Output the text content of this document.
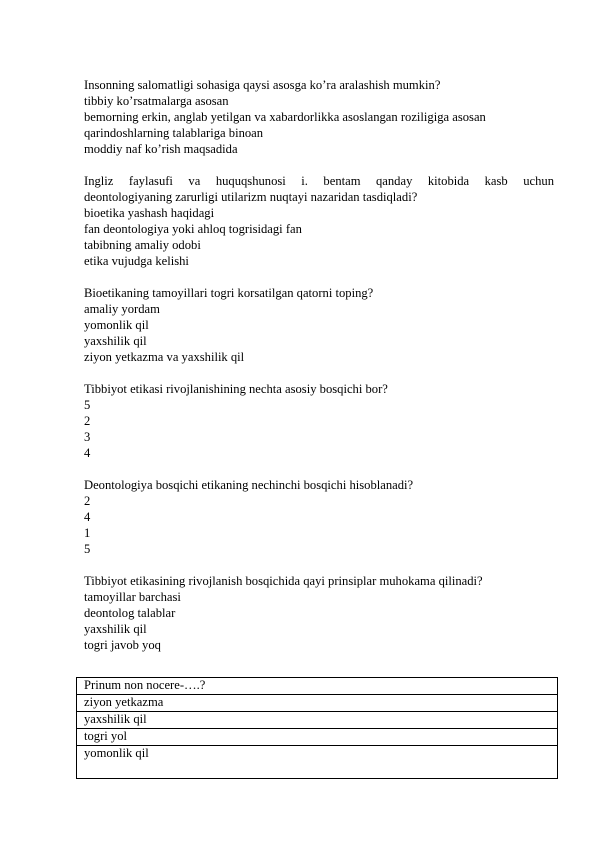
Insonning salomatligi sohasiga qaysi asosga ko’ra aralashish mumkin?
tibbiy ko’rsatmalarga asosan
bemorning erkin, anglab yetilgan va xabardorlikka asoslangan roziligiga asosan
qarindoshlarning talablariga binoan
moddiy naf ko’rish maqsadida
Ingliz faylasufi va huquqshunosi i. bentam qanday kitobida kasb uchun
deontologiyaning zarurligi utilarizm nuqtayi nazaridan tasdiqladi?
bioetika yashash haqidagi
fan deontologiya yoki ahloq togrisidagi fan
tabibning amaliy odobi
etika vujudga kelishi
Bioetikaning tamoyillari togri korsatilgan qatorni toping?
amaliy yordam
yomonlik qil
yaxshilik qil
ziyon yetkazma va yaxshilik qil
Tibbiyot etikasi rivojlanishining nechta asosiy bosqichi bor?
5
2
3
4
Deontologiya bosqichi etikaning nechinchi bosqichi hisoblanadi?
2
4
1
5
Tibbiyot etikasining rivojlanish bosqichida qayi prinsiplar muhokama qilinadi?
tamoyillar barchasi
deontolog talablar
yaxshilik qil
togri javob yoq
Prinum non nocere-….?
ziyon yetkazma
yaxshilik qil
togri yol
yomonlik qil
